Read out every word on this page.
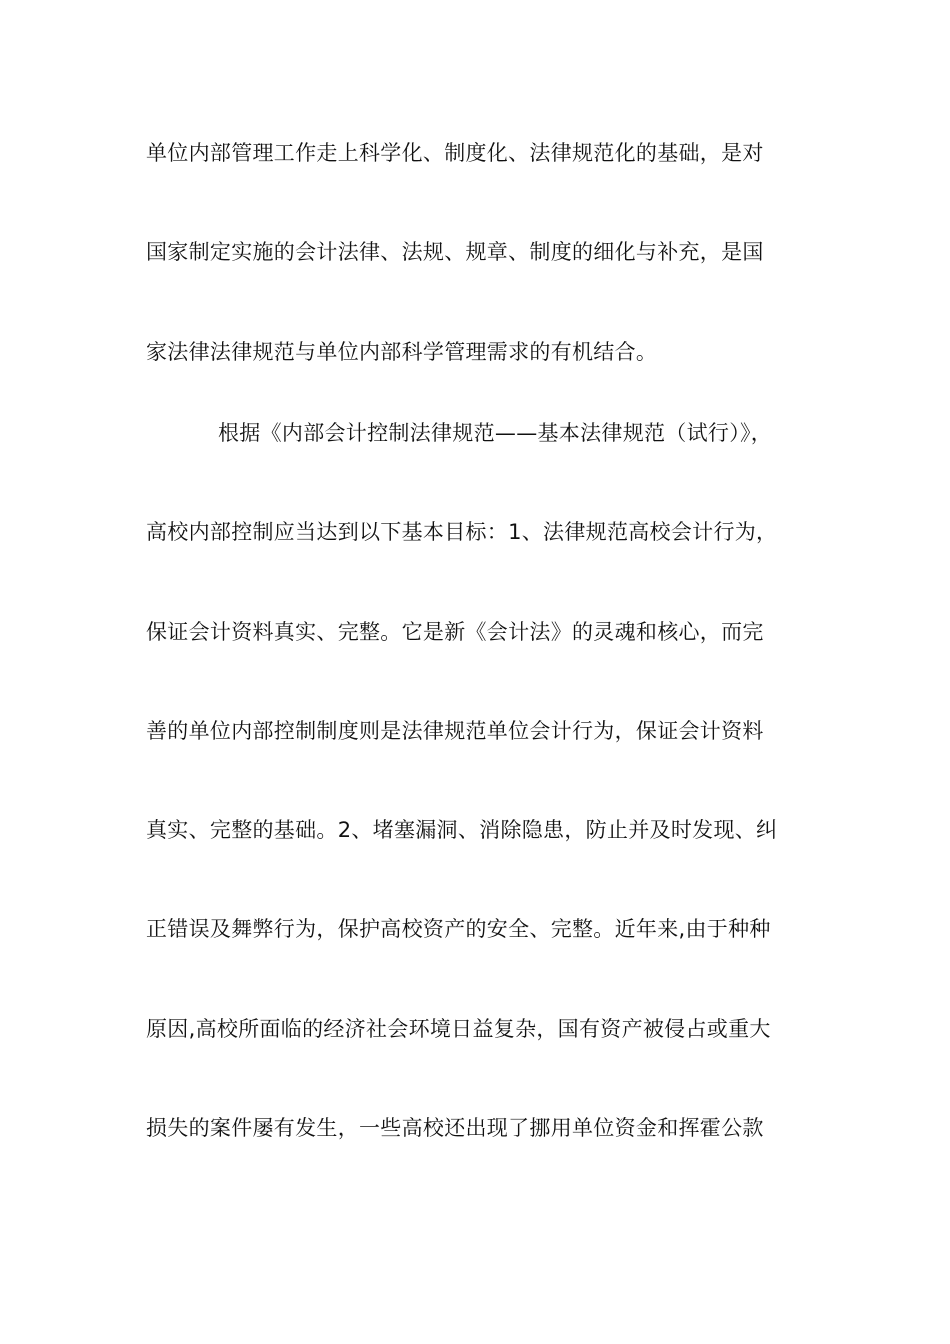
单位内部管理工作走上科学化、制度化、法律规范化的基础，是对
国家制定实施的会计法律、法规、规章、制度的细化与补充，是国
家法律法律规范与单位内部科学管理需求的有机结合。
根据《内部会计控制法律规范——基本法律规范（试行）》，
高校内部控制应当达到以下基本目标：1、法律规范高校会计行为，
保证会计资料真实、完整。它是新《会计法》的灵魂和核心，而完
善的单位内部控制制度则是法律规范单位会计行为，保证会计资料
真实、完整的基础。2、堵塞漏洞、消除隐患，防止并及时发现、纠
正错误及舞弊行为，保护高校资产的安全、完整。近年来,由于种种
原因,高校所面临的经济社会环境日益复杂，国有资产被侵占或重大
损失的案件屡有发生，一些高校还出现了挪用单位资金和挥霍公款
